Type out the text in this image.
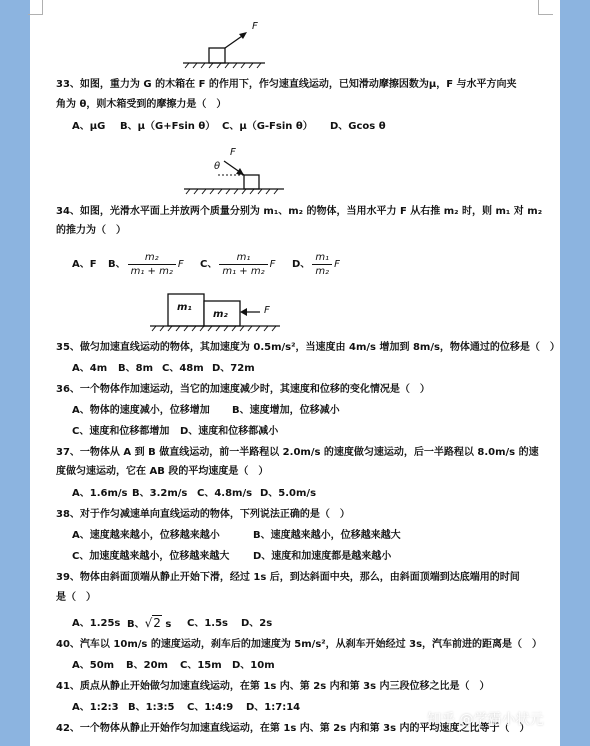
F
33、如图，重力为 G 的木箱在 F 的作用下，作匀速直线运动，已知滑动摩擦因数为μ，F 与水平方向夹
角为 θ，则木箱受到的摩擦力是（　）
A、μG B、μ（G+Fsin θ） C、μ（G-Fsin θ） D、Gcos θ
F
θ
34、如图，光滑水平面上并放两个质量分别为 m₁、m₂ 的物体，当用水平力 F 从右推 m₂ 时，则 m₁ 对 m₂
的推力为（　）
A、F B、 $\frac{\text{m₂}}{\text{m₁ + m₂}}$ F C、 $\frac{\text{m₁}}{\text{m₁ + m₂}}$ F D、 $\frac{\text{m₁}}{\text{m₂}}$ F
m₁
m₂	F
35、做匀加速直线运动的物体，其加速度为 0.5m/s²，当速度由 4m/s 增加到 8m/s，物体通过的位移是（　）
A、4m B、8m C、48m D、72m
36、一个物体作加速运动，当它的加速度减少时，其速度和位移的变化情况是（　）
A、物体的速度减小，位移增加 B、速度增加，位移减小
C、速度和位移都增加 D、速度和位移都减小
37、一物体从 A 到 B 做直线运动，前一半路程以 2.0m/s 的速度做匀速运动，后一半路程以 8.0m/s 的速
度做匀速运动，它在 AB 段的平均速度是（　）
A、1.6m/s B、3.2m/s C、4.8m/s D、5.0m/s
38、对于作匀减速单向直线运动的物体，下列说法正确的是（　）
A、速度越来越小，位移越来越小	B、速度越来越小，位移越来越大
C、加速度越来越小，位移越来越大 D、速度和加速度都是越来越小
39、物体由斜面顶端从静止开始下滑，经过 1s 后，到达斜面中央，那么，由斜面顶端到达底端用的时间
是（　）
A、1.25s B、√2 s C、1.5s D、2s
40、汽车以 10m/s 的速度运动，刹车后的加速度为 5m/s²，从刹车开始经过 3s，汽车前进的距离是（　）
A、50m B、20m C、15m D、10m
41、质点从静止开始做匀加速直线运动，在第 1s 内、第 2s 内和第 3s 内三段位移之比是（　）
A、1:2:3 B、1:3:5 C、1:4:9 D、1:7:14
42、一个物体从静止开始作匀加速直线运动，在第 1s 内、第 2s 内和第 3s 内的平均速度之比等于（　）
知乎 @学霸小状元
